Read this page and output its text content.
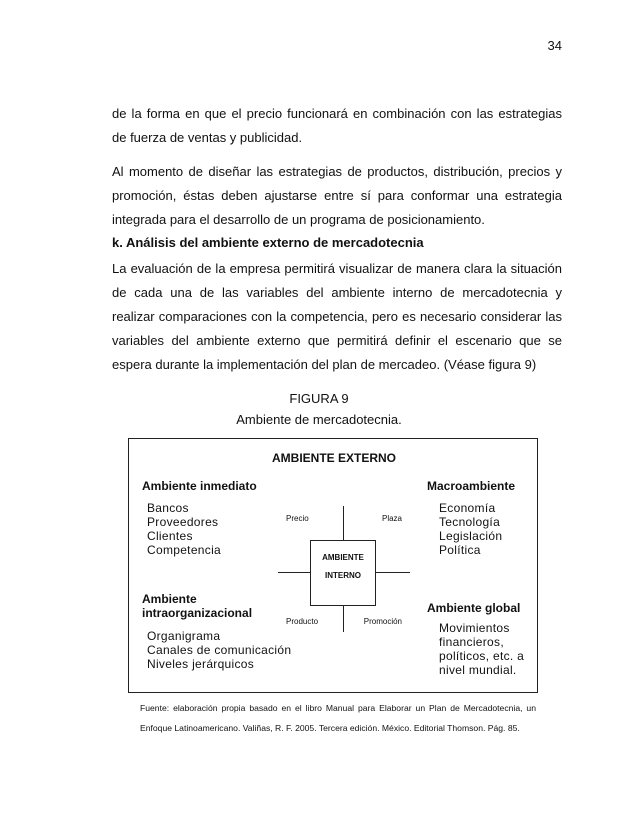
34

de la forma en que el precio funcionará en combinación con las estrategias de fuerza de ventas y publicidad.

Al momento de diseñar las estrategias de productos, distribución, precios y promoción, éstas deben ajustarse entre sí para conformar una estrategia integrada para el desarrollo de un programa de posicionamiento.

k. Análisis del ambiente externo de mercadotecnia

La evaluación de la empresa permitirá visualizar de manera clara la situación de cada una de las variables del ambiente interno de mercadotecnia y realizar comparaciones con la competencia, pero es necesario considerar las variables del ambiente externo que permitirá definir el escenario que se espera durante la implementación del plan de mercadeo. (Véase figura 9)

FIGURA 9
Ambiente de mercadotecnia.
AMBIENTE EXTERNO
Ambiente inmediato
Bancos
Proveedores
Clientes
Competencia
Macroambiente
Economía
Tecnología
Legislación
Política
Ambiente
intraorganizacional
Organigrama
Canales de comunicación
Niveles jerárquicos
Ambiente global
Movimientos
financieros,
políticos, etc. a
nivel mundial.
Precio	Plaza
Producto	Promoción
AMBIENTE
INTERNO

Fuente: elaboración propia basado en el libro Manual para Elaborar un Plan de Mercadotecnia, un Enfoque Latinoamericano. Valiñas, R. F. 2005. Tercera edición. México. Editorial Thomson. Pág. 85.
